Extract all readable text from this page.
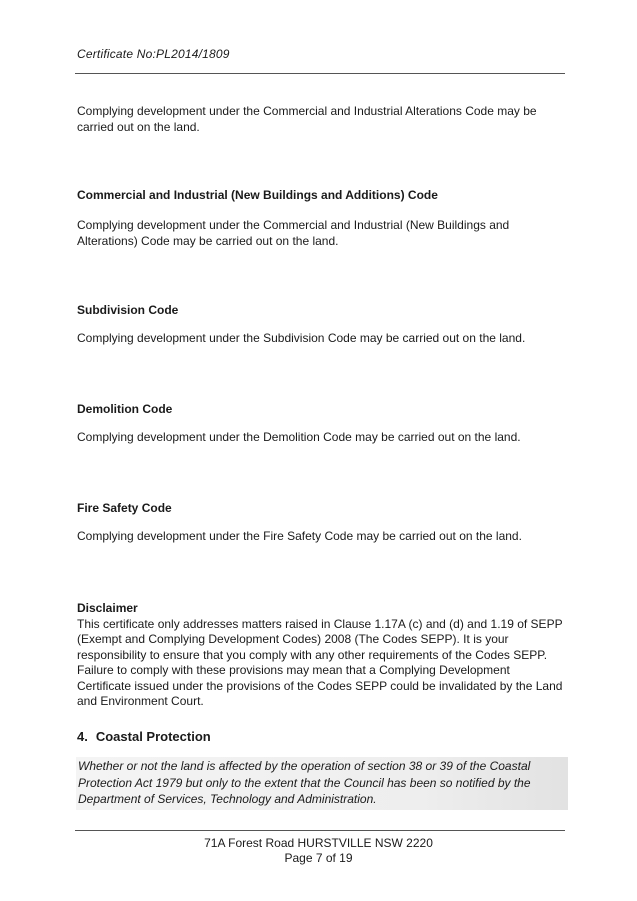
Certificate No:PL2014/1809
Complying development under the Commercial and Industrial Alterations Code may be carried out on the land.
Commercial and Industrial (New Buildings and Additions) Code
Complying development under the Commercial and Industrial (New Buildings and Alterations) Code may be carried out on the land.
Subdivision Code
Complying development under the Subdivision Code may be carried out on the land.
Demolition Code
Complying development under the Demolition Code may be carried out on the land.
Fire Safety Code
Complying development under the Fire Safety Code may be carried out on the land.
Disclaimer
This certificate only addresses matters raised in Clause 1.17A (c) and (d) and 1.19 of SEPP (Exempt and Complying Development Codes) 2008 (The Codes SEPP). It is your responsibility to ensure that you comply with any other requirements of the Codes SEPP. Failure to comply with these provisions may mean that a Complying Development Certificate issued under the provisions of the Codes SEPP could be invalidated by the Land and Environment Court.
4. Coastal Protection
Whether or not the land is affected by the operation of section 38 or 39 of the Coastal Protection Act 1979 but only to the extent that the Council has been so notified by the Department of Services, Technology and Administration.
71A Forest Road HURSTVILLE NSW 2220
Page 7 of 19
